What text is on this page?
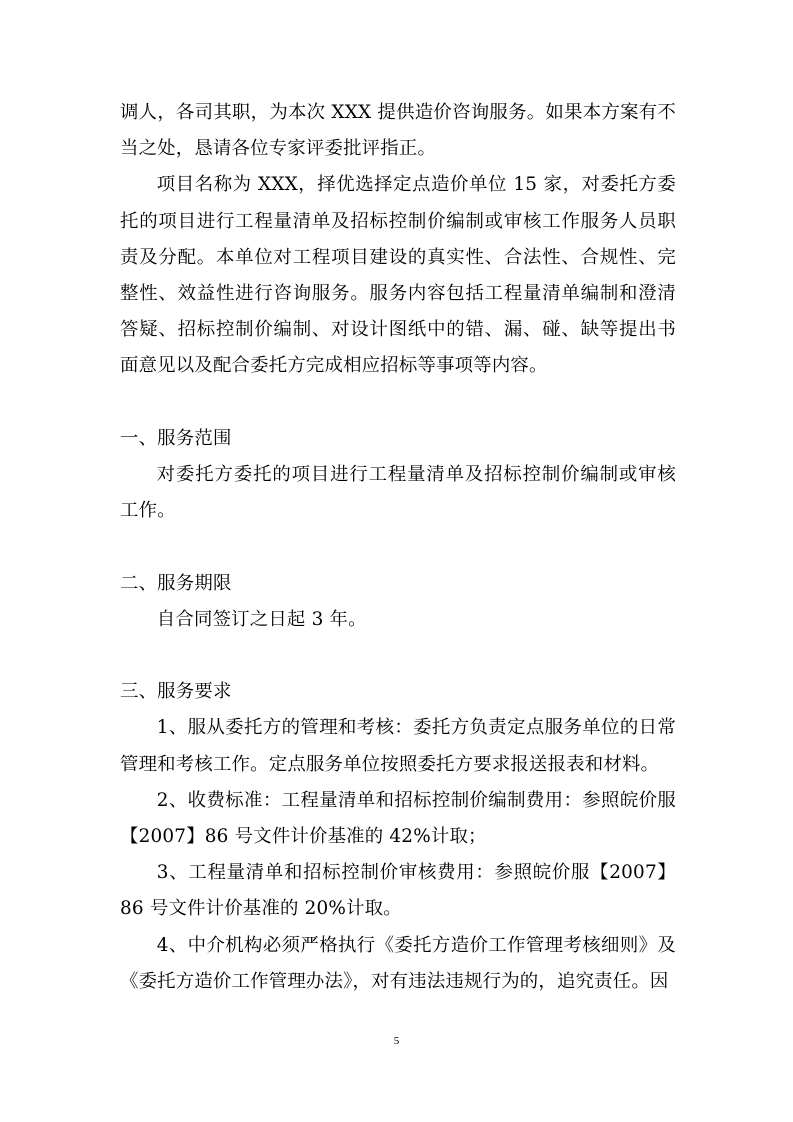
调人，各司其职，为本次 XXX 提供造价咨询服务。如果本方案有不当之处，恳请各位专家评委批评指正。

项目名称为 XXX，择优选择定点造价单位 15 家，对委托方委托的项目进行工程量清单及招标控制价编制或审核工作服务人员职责及分配。本单位对工程项目建设的真实性、合法性、合规性、完整性、效益性进行咨询服务。服务内容包括工程量清单编制和澄清答疑、招标控制价编制、对设计图纸中的错、漏、碰、缺等提出书面意见以及配合委托方完成相应招标等事项等内容。

一、服务范围

对委托方委托的项目进行工程量清单及招标控制价编制或审核工作。

二、服务期限

自合同签订之日起 3 年。

三、服务要求

1、服从委托方的管理和考核：委托方负责定点服务单位的日常管理和考核工作。定点服务单位按照委托方要求报送报表和材料。

2、收费标准：工程量清单和招标控制价编制费用：参照皖价服【2007】86 号文件计价基准的 42%计取；

3、工程量清单和招标控制价审核费用：参照皖价服【2007】86 号文件计价基准的 20%计取。

4、中介机构必须严格执行《委托方造价工作管理考核细则》及《委托方造价工作管理办法》，对有违法违规行为的，追究责任。因

5
